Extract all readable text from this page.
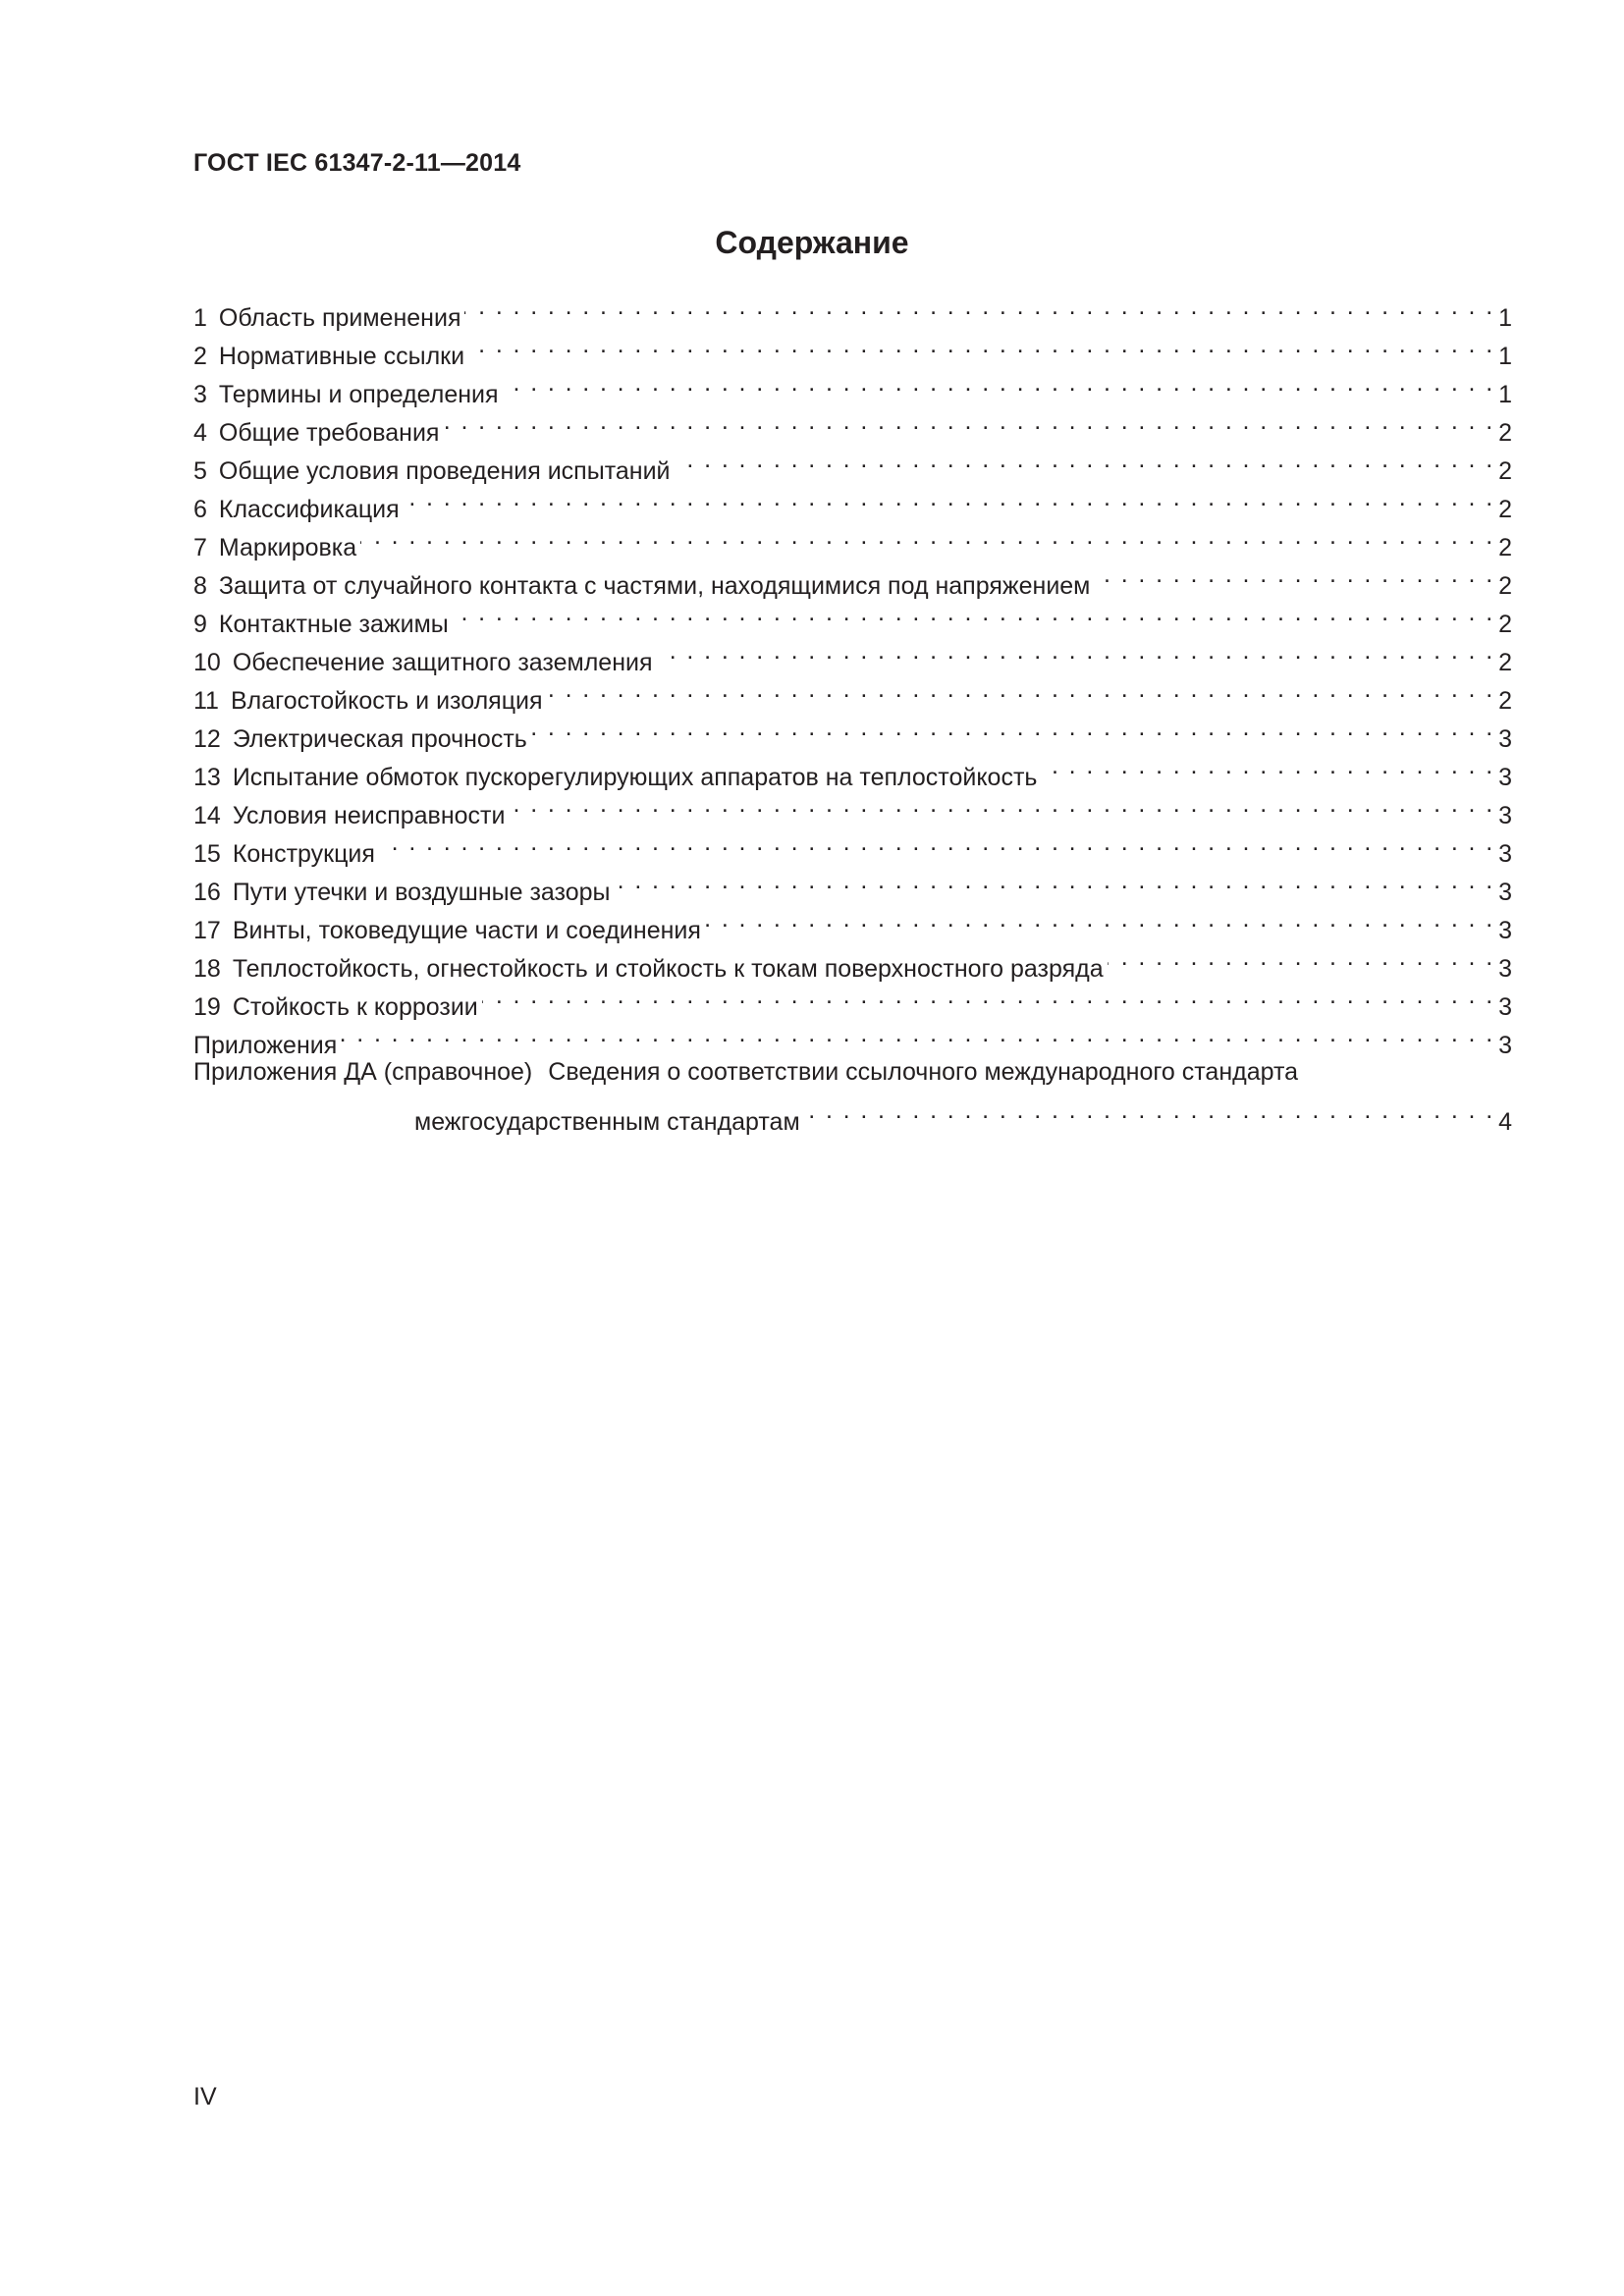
ГОСТ IEC 61347-2-11—2014
Содержание
1 Область применения . . .	1
2 Нормативные ссылки . . .	1
3 Термины и определения . . .	1
4 Общие требования . . .	2
5 Общие условия проведения испытаний . . .	2
6 Классификация . . .	2
7 Маркировка . . .	2
8 Защита от случайного контакта с частями, находящимися под напряжением . . .	2
9 Контактные зажимы . . .	2
10 Обеспечение защитного заземления . . .	2
11 Влагостойкость и изоляция . . .	2
12 Электрическая прочность . . .	3
13 Испытание обмоток пускорегулирующих аппаратов на теплостойкость . . .	3
14 Условия неисправности . . .	3
15 Конструкция . . .	3
16 Пути утечки и воздушные зазоры . . .	3
17 Винты, токоведущие части и соединения . . .	3
18 Теплостойкость, огнестойкость и стойкость к токам поверхностного разряда . . .	3
19 Стойкость к коррозии . . .	3
Приложения . . .	3
Приложения ДА (справочное) Сведения о соответствии ссылочного международного стандарта
межгосударственным стандартам . . .	4
IV
